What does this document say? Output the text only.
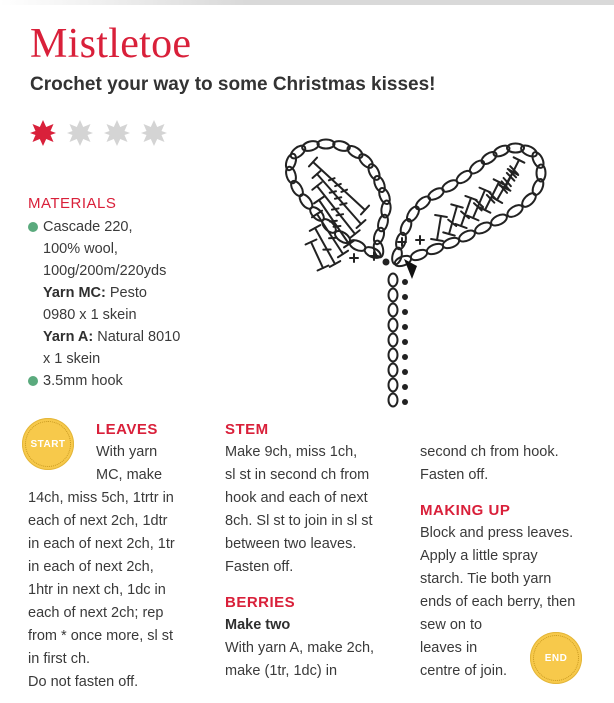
Mistletoe

Crochet your way to some Christmas kisses!

MATERIALS
Cascade 220,
100% wool,
100g/200m/220yds
Yarn MC: Pesto
0980 x 1 skein
Yarn A: Natural 8010
x 1 skein
3.5mm hook
START
LEAVES
With yarn
MC, make
14ch, miss 5ch, 1trtr in
each of next 2ch, 1dtr
in each of next 2ch, 1tr
in each of next 2ch,
1htr in next ch, 1dc in
each of next 2ch; rep
from * once more, sl st
in first ch.
Do not fasten off.
STEM
Make 9ch, miss 1ch,
sl st in second ch from
hook and each of next
8ch. Sl st to join in sl st
between two leaves.
Fasten off.
BERRIES
Make two
With yarn A, make 2ch,
make (1tr, 1dc) in
second ch from hook.
Fasten off.
MAKING UP
Block and press leaves.
Apply a little spray
starch. Tie both yarn
ends of each berry, then
sew on to
leaves in
centre of join.
END
